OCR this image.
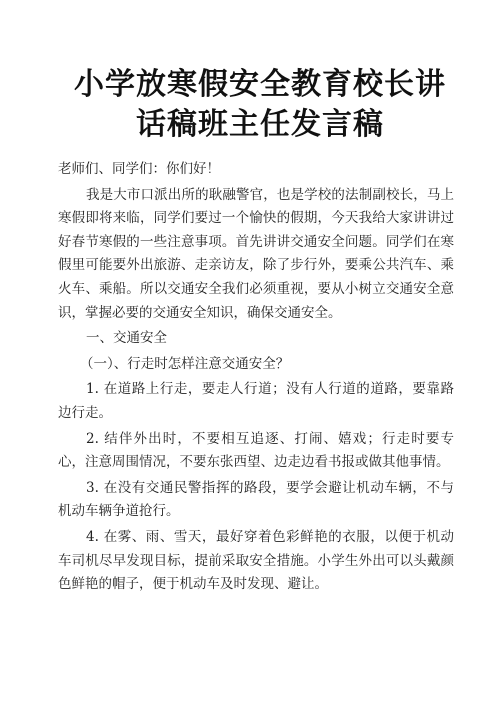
小学放寒假安全教育校长讲
话稿班主任发言稿

老师们、同学们：你们好！

我是大市口派出所的耿融警官，也是学校的法制副校长，马上寒假即将来临，同学们要过一个愉快的假期，今天我给大家讲讲过好春节寒假的一些注意事项。首先讲讲交通安全问题。同学们在寒假里可能要外出旅游、走亲访友，除了步行外，要乘公共汽车、乘火车、乘船。所以交通安全我们必须重视，要从小树立交通安全意识，掌握必要的交通安全知识，确保交通安全。

一、交通安全

（一）、行走时怎样注意交通安全？

1. 在道路上行走，要走人行道；没有人行道的道路，要靠路边行走。

2. 结伴外出时，不要相互追逐、打闹、嬉戏；行走时要专心，注意周围情况，不要东张西望、边走边看书报或做其他事情。

3. 在没有交通民警指挥的路段，要学会避让机动车辆，不与机动车辆争道抢行。

4. 在雾、雨、雪天，最好穿着色彩鲜艳的衣服，以便于机动车司机尽早发现目标，提前采取安全措施。小学生外出可以头戴颜色鲜艳的帽子，便于机动车及时发现、避让。
